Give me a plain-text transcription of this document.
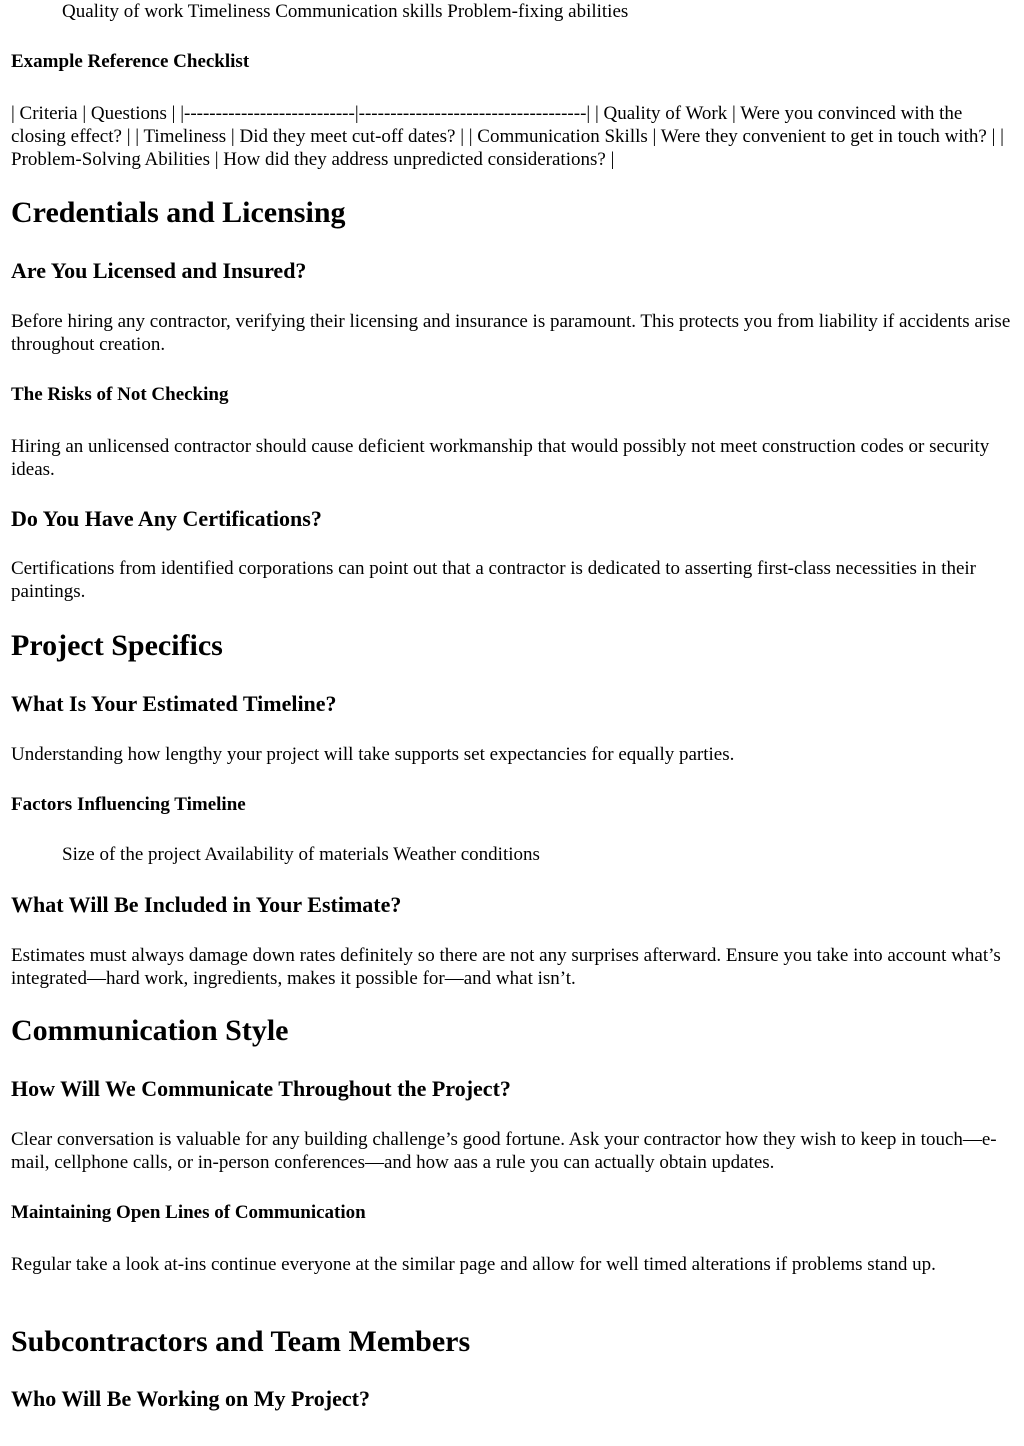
Quality of work Timeliness Communication skills Problem-fixing abilities
Example Reference Checklist

| Criteria | Questions | |---------------------------|------------------------------------| | Quality of Work | Were you convinced with the closing effect? | | Timeliness | Did they meet cut-off dates? | | Communication Skills | Were they convenient to get in touch with? | | Problem-Solving Abilities | How did they address unpredicted considerations? |

Credentials and Licensing
Are You Licensed and Insured?

Before hiring any contractor, verifying their licensing and insurance is paramount. This protects you from liability if accidents arise throughout creation.

The Risks of Not Checking

Hiring an unlicensed contractor should cause deficient workmanship that would possibly not meet construction codes or security ideas.

Do You Have Any Certifications?

Certifications from identified corporations can point out that a contractor is dedicated to asserting first-class necessities in their paintings.

Project Specifics
What Is Your Estimated Timeline?

Understanding how lengthy your project will take supports set expectancies for equally parties.

Factors Influencing Timeline
Size of the project Availability of materials Weather conditions
What Will Be Included in Your Estimate?

Estimates must always damage down rates definitely so there are not any surprises afterward. Ensure you take into account what’s integrated—hard work, ingredients, makes it possible for—and what isn’t.

Communication Style
How Will We Communicate Throughout the Project?

Clear conversation is valuable for any building challenge’s good fortune. Ask your contractor how they wish to keep in touch—e-mail, cellphone calls, or in-person conferences—and how aas a rule you can actually obtain updates.

Maintaining Open Lines of Communication

Regular take a look at-ins continue everyone at the similar page and allow for well timed alterations if problems stand up.

Subcontractors and Team Members
Who Will Be Working on My Project?
